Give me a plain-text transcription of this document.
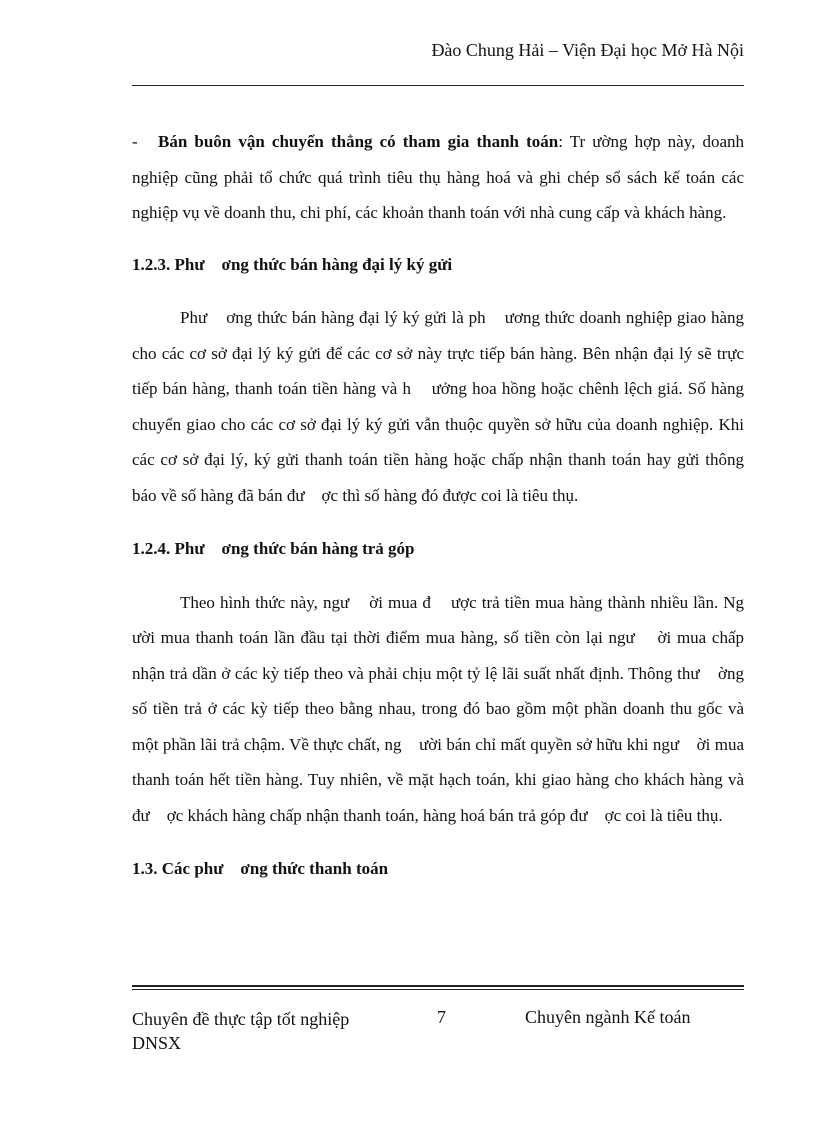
Đào Chung Hải – Viện Đại học Mở Hà Nội

- Bán buôn vận chuyển thẳng có tham gia thanh toán: Tr ường hợp này, doanh nghiệp cũng phải tổ chức quá trình tiêu thụ hàng hoá và ghi chép sổ sách kế toán các nghiệp vụ về doanh thu, chi phí, các khoản thanh toán với nhà cung cấp và khách hàng.

1.2.3. Phư    ơng thức bán hàng đại lý ký gửi

Phư    ơng thức bán hàng đại lý ký gửi là ph    ương thức doanh nghiệp giao hàng cho các cơ sở đại lý ký gửi để các cơ sở này trực tiếp bán hàng. Bên nhận đại lý sẽ trực tiếp bán hàng, thanh toán tiền hàng và h    ưởng hoa hồng hoặc chênh lệch giá. Số hàng chuyển giao cho các cơ sở đại lý ký gửi vẫn thuộc quyền sở hữu của doanh nghiệp. Khi các cơ sở đại lý, ký gửi thanh toán tiền hàng hoặc chấp nhận thanh toán hay gửi thông báo về số hàng đã bán đư    ợc thì số hàng đó được coi là tiêu thụ.

1.2.4. Phư    ơng thức bán hàng trả góp

Theo hình thức này, ngư    ời mua đ    ược trả tiền mua hàng thành nhiều lần. Ng    ười mua thanh toán lần đầu tại thời điểm mua hàng, số tiền còn lại ngư    ời mua chấp nhận trả dần ở các kỳ tiếp theo và phải chịu một tỷ lệ lãi suất nhất định. Thông thư    ờng số tiền trả ở các kỳ tiếp theo bằng nhau, trong đó bao gồm một phần doanh thu gốc và một phần lãi trả chậm. Về thực chất, ng    ười bán chỉ mất quyền sở hữu khi ngư    ời mua thanh toán hết tiền hàng. Tuy nhiên, về mặt hạch toán, khi giao hàng cho khách hàng và đư    ợc khách hàng chấp nhận thanh toán, hàng hoá bán trả góp đư    ợc coi là tiêu thụ.

1.3. Các phư    ơng thức thanh toán

Chuyên đề thực tập tốt nghiệp DNSX
7	Chuyên ngành Kế toán
